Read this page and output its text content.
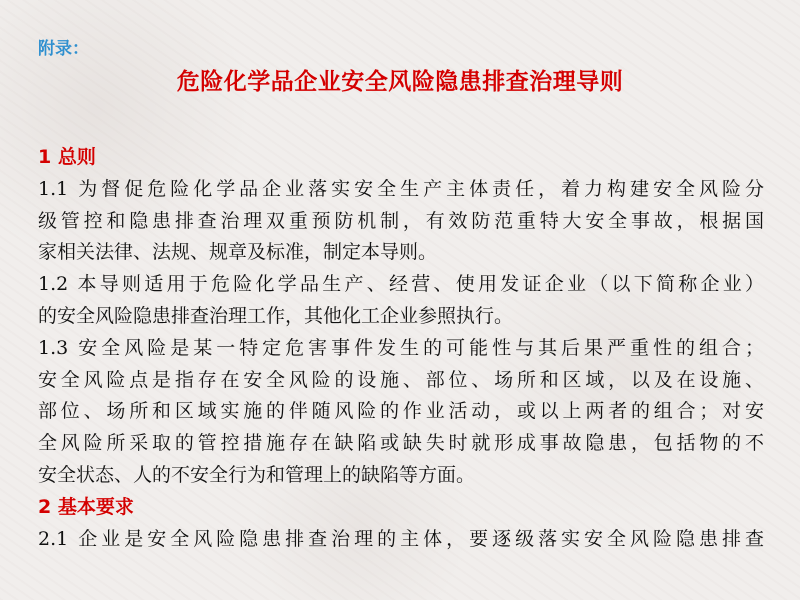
附录：
危险化学品企业安全风险隐患排查治理导则
1 总则
1.1 为督促危险化学品企业落实安全生产主体责任，着力构建安全风险分
级管控和隐患排查治理双重预防机制，有效防范重特大安全事故，根据国
家相关法律、法规、规章及标准，制定本导则。
1.2 本导则适用于危险化学品生产、经营、使用发证企业（以下简称企业）
的安全风险隐患排查治理工作，其他化工企业参照执行。
1.3 安全风险是某一特定危害事件发生的可能性与其后果严重性的组合；
安全风险点是指存在安全风险的设施、部位、场所和区域，以及在设施、
部位、场所和区域实施的伴随风险的作业活动，或以上两者的组合；对安
全风险所采取的管控措施存在缺陷或缺失时就形成事故隐患，包括物的不
安全状态、人的不安全行为和管理上的缺陷等方面。
2 基本要求
2.1 企业是安全风险隐患排查治理的主体，要逐级落实安全风险隐患排查
